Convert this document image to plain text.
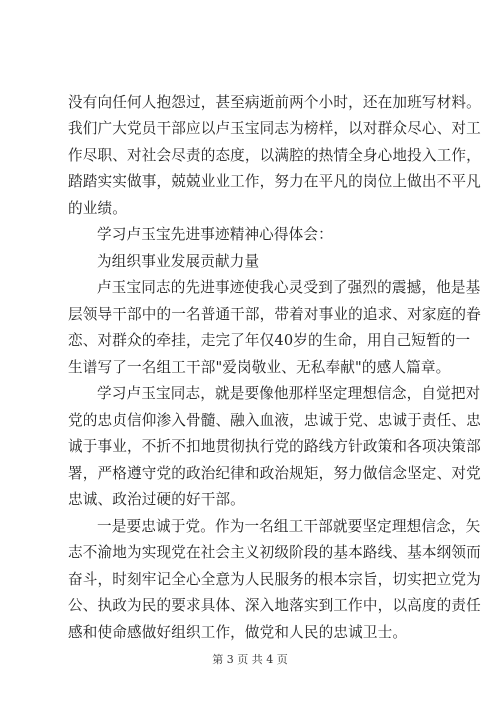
没有向任何人抱怨过，甚至病逝前两个小时，还在加班写材料。
我们广大党员干部应以卢玉宝同志为榜样，以对群众尽心、对工
作尽职、对社会尽责的态度，以满腔的热情全身心地投入工作，
踏踏实实做事，兢兢业业工作，努力在平凡的岗位上做出不平凡
的业绩。
学习卢玉宝先进事迹精神心得体会：
为组织事业发展贡献力量
卢玉宝同志的先进事迹使我心灵受到了强烈的震撼，他是基
层领导干部中的一名普通干部，带着对事业的追求、对家庭的眷
恋、对群众的牵挂，走完了年仅40岁的生命，用自己短暂的一
生谱写了一名组工干部"爱岗敬业、无私奉献"的感人篇章。
学习卢玉宝同志，就是要像他那样坚定理想信念，自觉把对
党的忠贞信仰渗入骨髓、融入血液，忠诚于党、忠诚于责任、忠
诚于事业，不折不扣地贯彻执行党的路线方针政策和各项决策部
署，严格遵守党的政治纪律和政治规矩，努力做信念坚定、对党
忠诚、政治过硬的好干部。
一是要忠诚于党。作为一名组工干部就要坚定理想信念，矢
志不渝地为实现党在社会主义初级阶段的基本路线、基本纲领而
奋斗，时刻牢记全心全意为人民服务的根本宗旨，切实把立党为
公、执政为民的要求具体、深入地落实到工作中，以高度的责任
感和使命感做好组织工作，做党和人民的忠诚卫士。
第 3 页 共 4 页
